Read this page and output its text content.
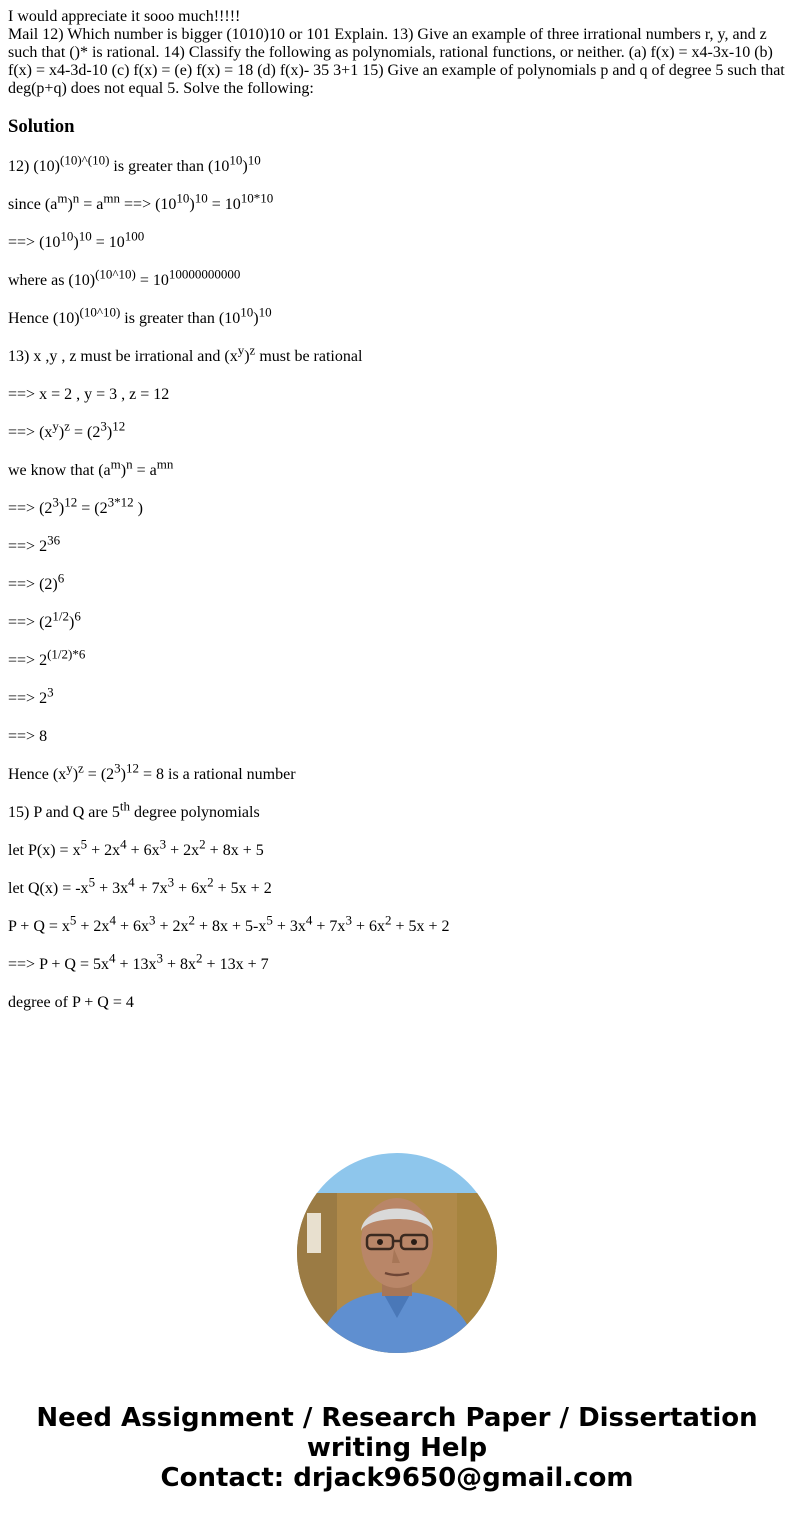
I would appreciate it sooo much!!!!!

Mail 12) Which number is bigger (1010)10 or 101 Explain. 13) Give an example of three irrational numbers r, y, and z such that ()* is rational. 14) Classify the following as polynomials, rational functions, or neither. (a) f(x) = x4-3x-10 (b) f(x) = x4-3d-10 (c) f(x) = (e) f(x) = 18 (d) f(x)- 35 3+1 15) Give an example of polynomials p and q of degree 5 such that deg(p+q) does not equal 5. Solve the following:

Solution

12) $(10)^{(10)\^{}(10)}$ is greater than $(10^{10})^{10}$

since $(a^m)^n = a^{mn}$ ==> $(10^{10})^{10} = 10^{10*10}$

==> $(10^{10})^{10} = 10^{100}$

where as $(10)^{(10\^{}10)} = 10^{10000000000}$

Hence $(10)^{(10\^{}10)}$ is greater than $(10^{10})^{10}$

13) x ,y , z must be irrational and $(x^y)^z$ must be rational

==> x = 2 , y = 3 , z = 12

==> $(x^y)^z = (2^3)^{12}$

we know that $(a^m)^n = a^{mn}$

==> $(2^3)^{12} = (2^{3*12}$ )

==> $2^{36}$

==> $(2)^6$

==> $(2^{1/2})^6$

==> $2^{(1/2)*6}$

==> $2^3$

==> 8

Hence $(x^y)^z = (2^3)^{12} = 8$ is a rational number

15) P and Q are 5th degree polynomials

let $P(x) = x^5 + 2x^4 + 6x^3 + 2x^2 + 8x + 5$

let $Q(x) = -x^5 + 3x^4 + 7x^3 + 6x^2 + 5x + 2$

$P + Q = x^5 + 2x^4 + 6x^3 + 2x^2 + 8x + 5-x^5 + 3x^4 + 7x^3 + 6x^2 + 5x + 2$

==> $P + Q = 5x^4 + 13x^3 + 8x^2 + 13x + 7$

degree of P + Q = 4

Need Assignment / Research Paper / Dissertation
writing Help
Contact: drjack9650@gmail.com
